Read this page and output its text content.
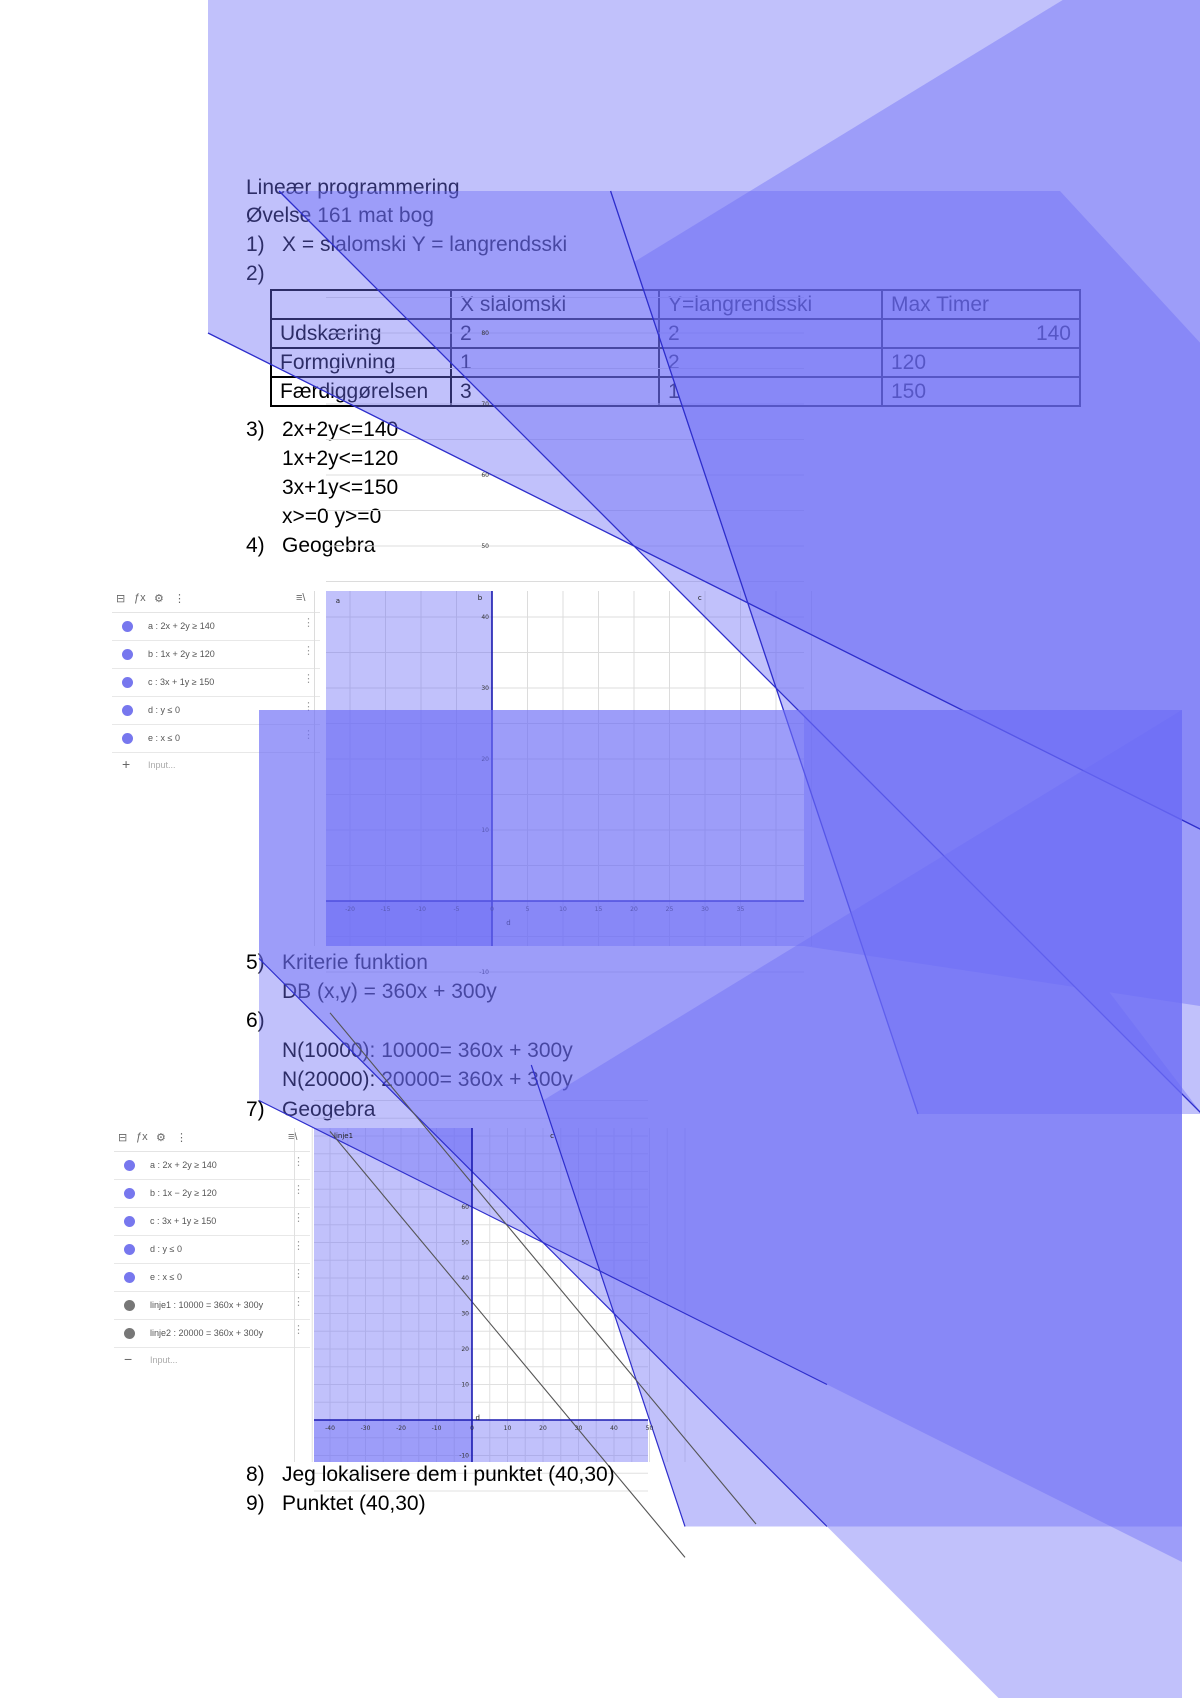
Lineær programmering
Øvelse 161 mat bog
1) X = slalomski Y = langrendsski
2)
	X slalomski	Y=langrendsski	Max Timer
Udskæring	2	2	140
Formgivning	1	2	120
Færdiggørelsen	3	1	150
3) 2x+2y<=140
1x+2y<=120
3x+1y<=150
x>=0 y>=0
4) Geogebra
⊟ ƒx ⚙ ⋮	≡\
a : 2x + 2y ≥ 140	⋮
b : 1x + 2y ≥ 120	⋮
c : 3x + 1y ≥ 150	⋮
d : y ≤ 0	⋮
e : x ≤ 0	⋮
+ Input...
-20	-15	-10	-5	0	5	10	15	20	25	30	35
80
70
60
50
40
30
20
10
-10
a	b	c
d
5) Kriterie funktion
DB (x,y) = 360x + 300y
6)
N(10000): 10000= 360x + 300y
N(20000): 20000= 360x + 300y
7) Geogebra
⊟ ƒx ⚙ ⋮	≡\
a : 2x + 2y ≥ 140	⋮
b : 1x − 2y ≥ 120	⋮
c : 3x + 1y ≥ 150	⋮
d : y ≤ 0	⋮
e : x ≤ 0	⋮
linje1 : 10000 = 360x + 300y	⋮
linje2 : 20000 = 360x + 300y	⋮
− Input...
-40	-30	-20	-10	0	10	20	30	40	50
60
50
40
30
20
10
-10
linje1	c
d
8) Jeg lokalisere dem i punktet (40,30)
9) Punktet (40,30)
